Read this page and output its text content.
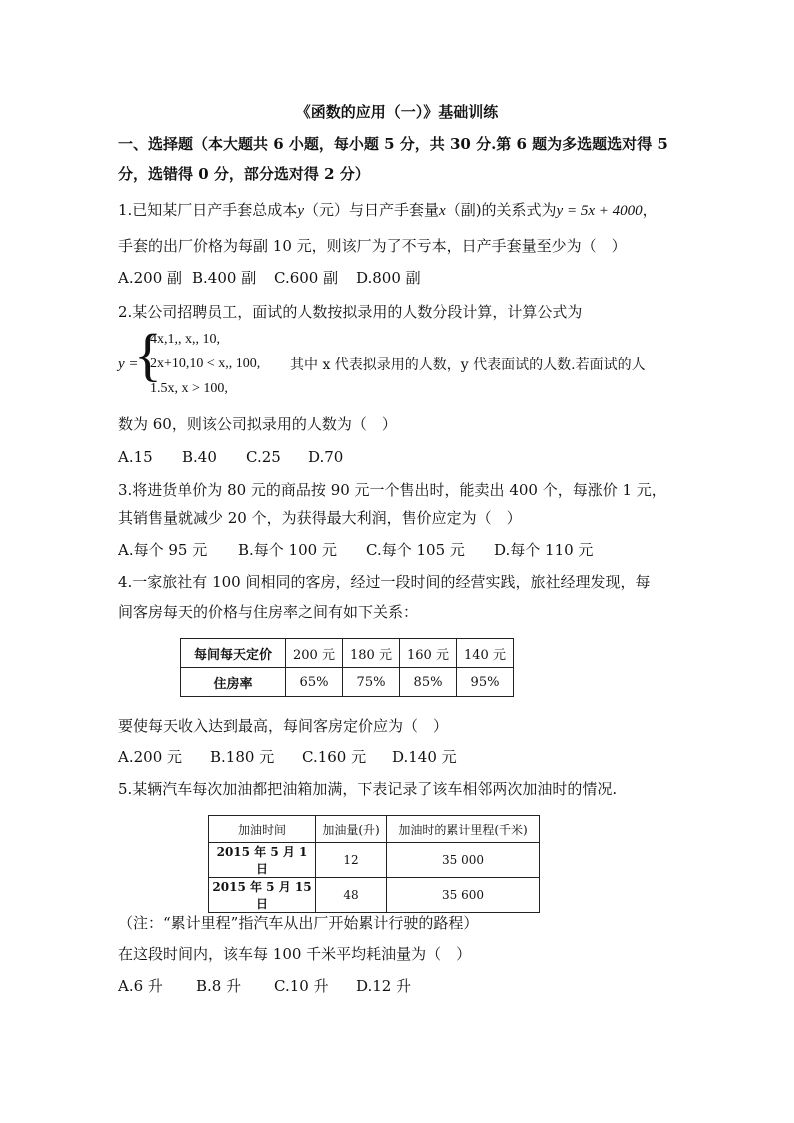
《函数的应用（一）》基础训练
一、选择题（本大题共 6 小题，每小题 5 分，共 30 分.第 6 题为多选题选对得 5
分，选错得 0 分，部分选对得 2 分）
1.已知某厂日产手套总成本y（元）与日产手套量x（副)的关系式为y = 5x + 4000，
手套的出厂价格为每副 10 元，则该厂为了不亏本，日产手套量至少为（　）
A.200 副 B.400 副 C.600 副 D.800 副
2.某公司招聘员工，面试的人数按拟录用的人数分段计算，计算公式为
y =
{
4x,1,, x,, 10,
2x+10,10 < x,, 100,
1.5x, x > 100,
其中 x 代表拟录用的人数，y 代表面试的人数.若面试的人
数为 60，则该公司拟录用的人数为（　）
A.15 B.40 C.25 D.70
3.将进货单价为 80 元的商品按 90 元一个售出时，能卖出 400 个，每涨价 1 元，
其销售量就减少 20 个，为获得最大利润，售价应定为（　）
A.每个 95 元 B.每个 100 元 C.每个 105 元 D.每个 110 元
4.一家旅社有 100 间相同的客房，经过一段时间的经营实践，旅社经理发现，每
间客房每天的价格与住房率之间有如下关系：
每间每天定价	200 元	180 元	160 元	140 元
住房率	65%	75%	85%	95%
要使每天收入达到最高，每间客房定价应为（　）
A.200 元 B.180 元 C.160 元 D.140 元
5.某辆汽车每次加油都把油箱加满，下表记录了该车相邻两次加油时的情况.
加油时间	加油量(升)	加油时的累计里程(千米)
2015 年 5 月 1 日	12	35 000
2015 年 5 月 15 日	48	35 600
（注：“累计里程”指汽车从出厂开始累计行驶的路程）
在这段时间内，该车每 100 千米平均耗油量为（　）
A.6 升 B.8 升 C.10 升 D.12 升
